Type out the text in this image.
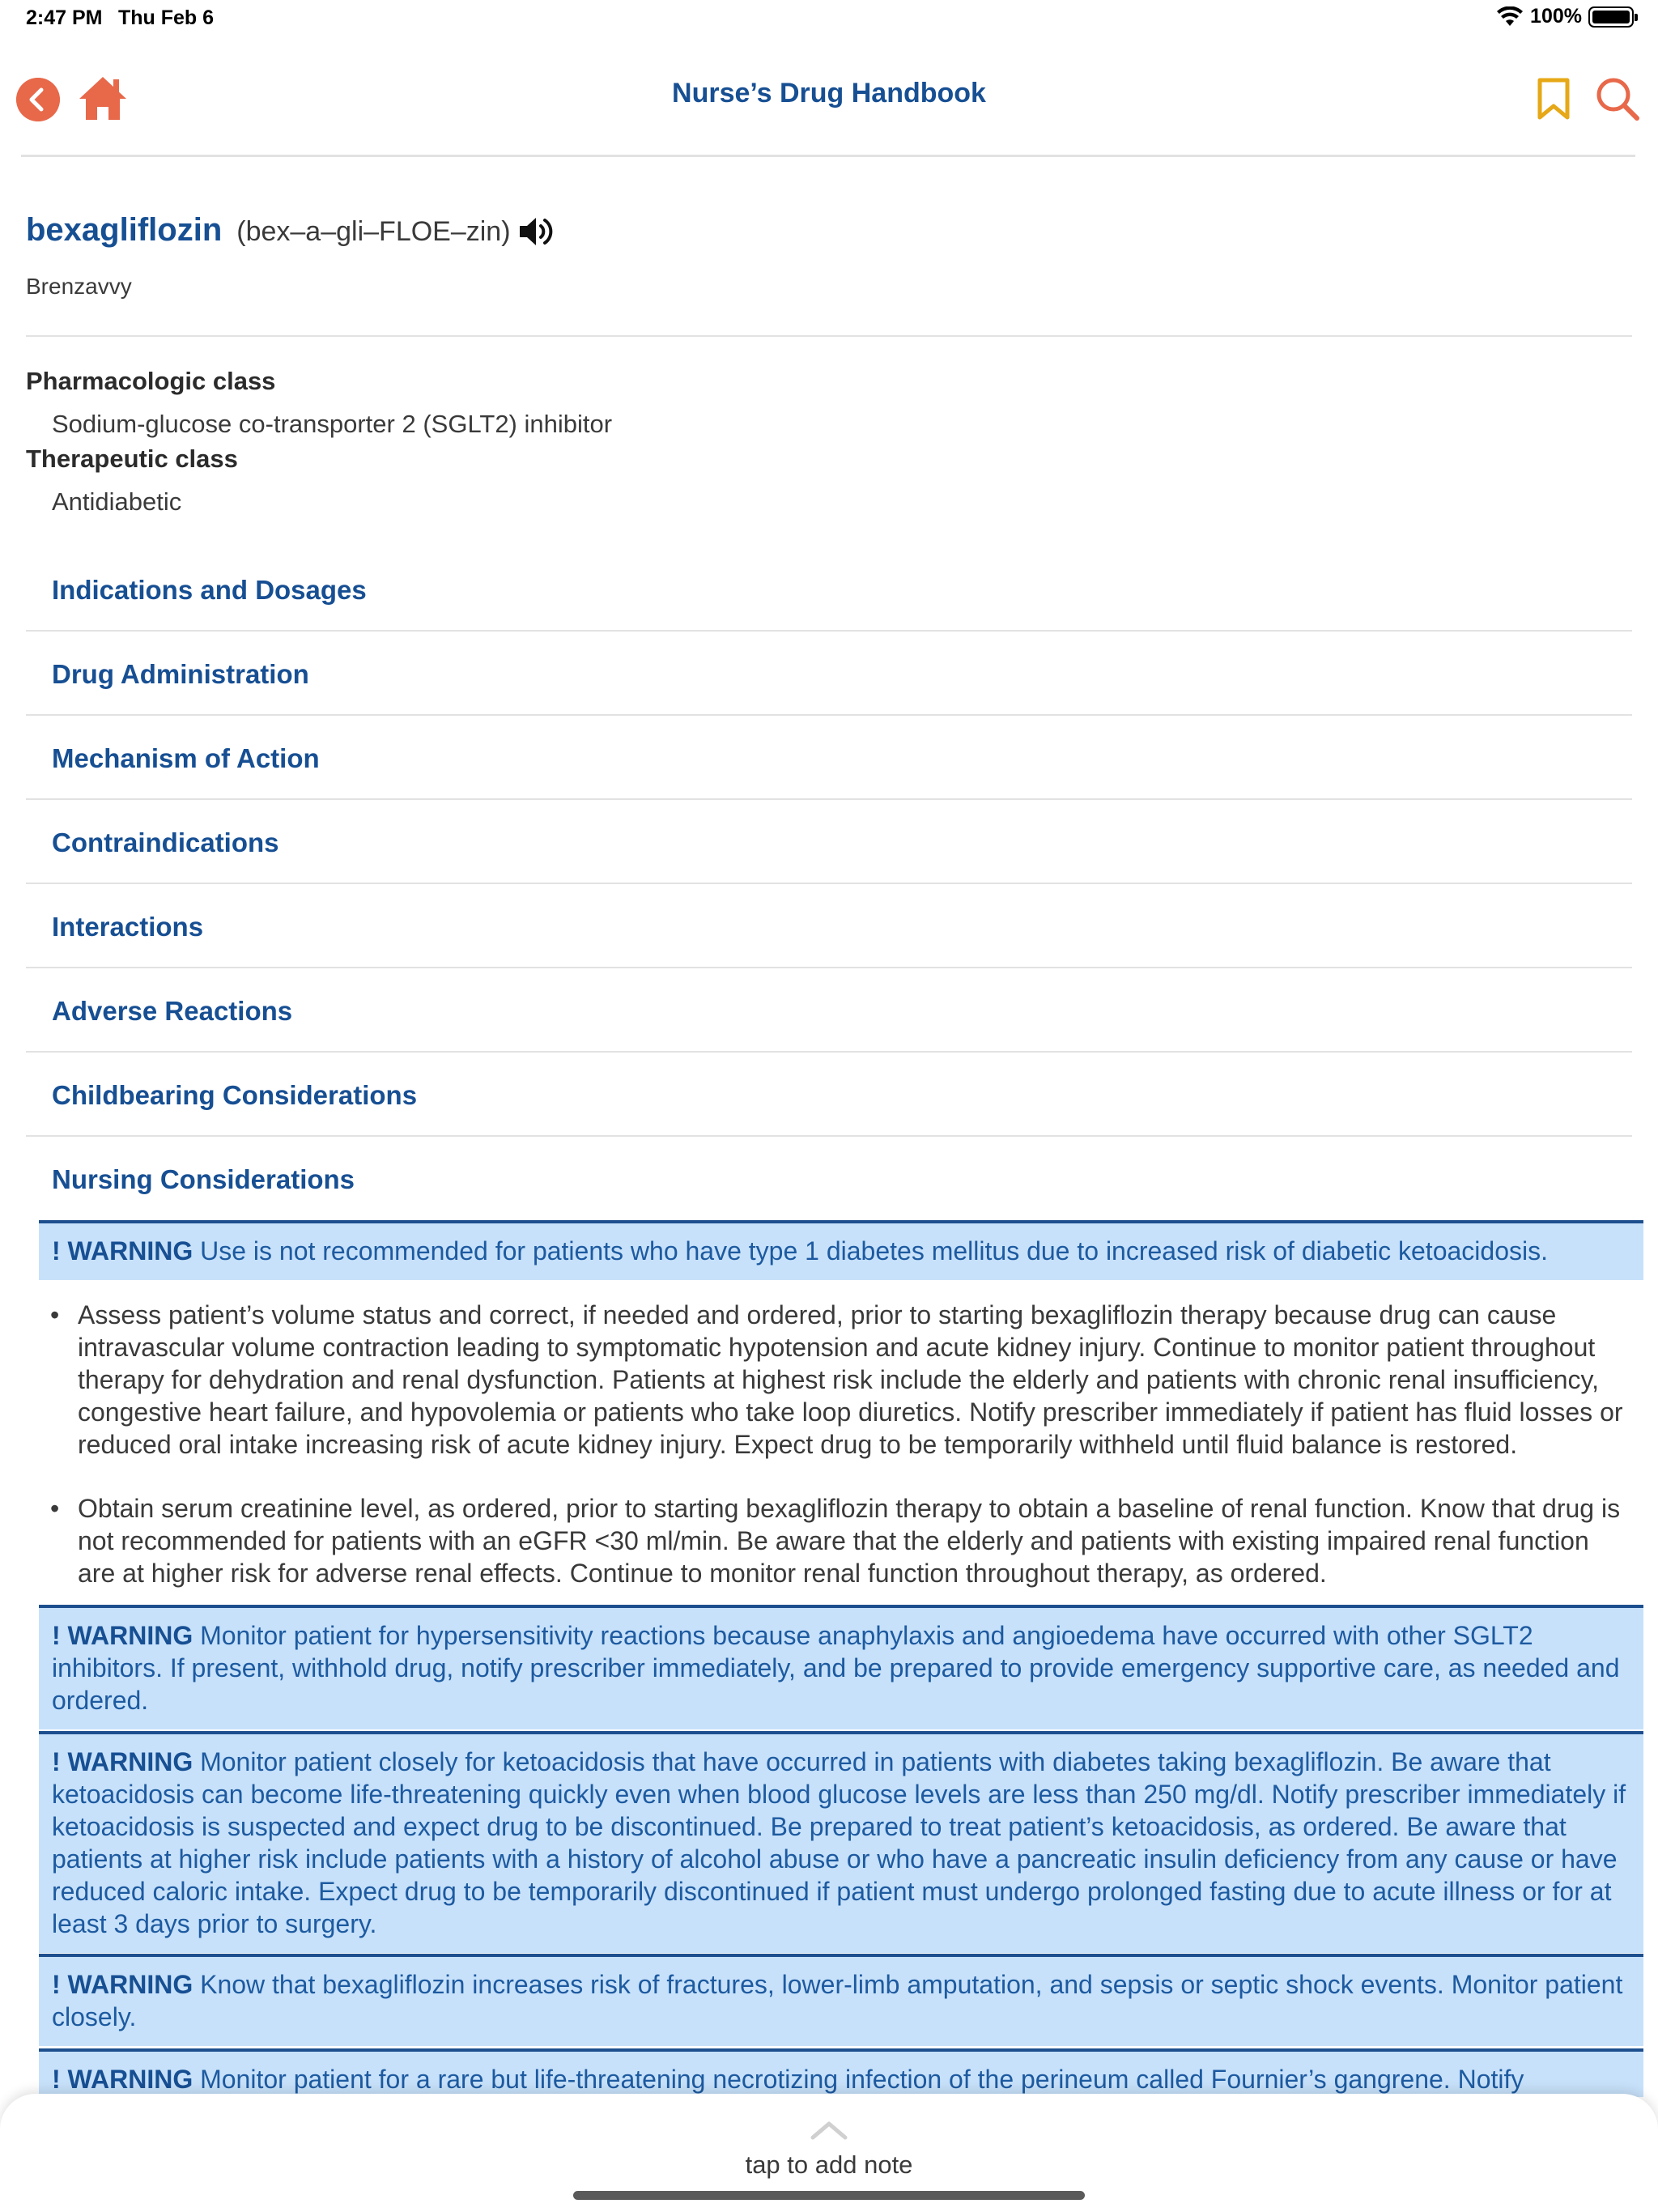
2:47 PM Thu Feb 6	100%
Nurse’s Drug Handbook
bexagliflozin (bex–a–gli–FLOE–zin)
Brenzavvy
Pharmacologic class
Sodium-glucose co-transporter 2 (SGLT2) inhibitor
Therapeutic class
Antidiabetic
Indications and Dosages
Drug Administration
Mechanism of Action
Contraindications
Interactions
Adverse Reactions
Childbearing Considerations
Nursing Considerations
! WARNING Use is not recommended for patients who have type 1 diabetes mellitus due to increased risk of diabetic ketoacidosis.
• Assess patient’s volume status and correct, if needed and ordered, prior to starting bexagliflozin therapy because drug can cause intravascular volume contraction leading to symptomatic hypotension and acute kidney injury. Continue to monitor patient throughout therapy for dehydration and renal dysfunction. Patients at highest risk include the elderly and patients with chronic renal insufficiency, congestive heart failure, and hypovolemia or patients who take loop diuretics. Notify prescriber immediately if patient has fluid losses or reduced oral intake increasing risk of acute kidney injury. Expect drug to be temporarily withheld until fluid balance is restored.
• Obtain serum creatinine level, as ordered, prior to starting bexagliflozin therapy to obtain a baseline of renal function. Know that drug is not recommended for patients with an eGFR <30 ml/min. Be aware that the elderly and patients with existing impaired renal function are at higher risk for adverse renal effects. Continue to monitor renal function throughout therapy, as ordered.
! WARNING Monitor patient for hypersensitivity reactions because anaphylaxis and angioedema have occurred with other SGLT2 inhibitors. If present, withhold drug, notify prescriber immediately, and be prepared to provide emergency supportive care, as needed and ordered.
! WARNING Monitor patient closely for ketoacidosis that have occurred in patients with diabetes taking bexagliflozin. Be aware that ketoacidosis can become life-threatening quickly even when blood glucose levels are less than 250 mg/dl. Notify prescriber immediately if ketoacidosis is suspected and expect drug to be discontinued. Be prepared to treat patient’s ketoacidosis, as ordered. Be aware that patients at higher risk include patients with a history of alcohol abuse or who have a pancreatic insulin deficiency from any cause or have reduced caloric intake. Expect drug to be temporarily discontinued if patient must undergo prolonged fasting due to acute illness or for at least 3 days prior to surgery.
! WARNING Know that bexagliflozin increases risk of fractures, lower-limb amputation, and sepsis or septic shock events. Monitor patient closely.
! WARNING Monitor patient for a rare but life-threatening necrotizing infection of the perineum called Fournier’s gangrene. Notify
tap to add note
